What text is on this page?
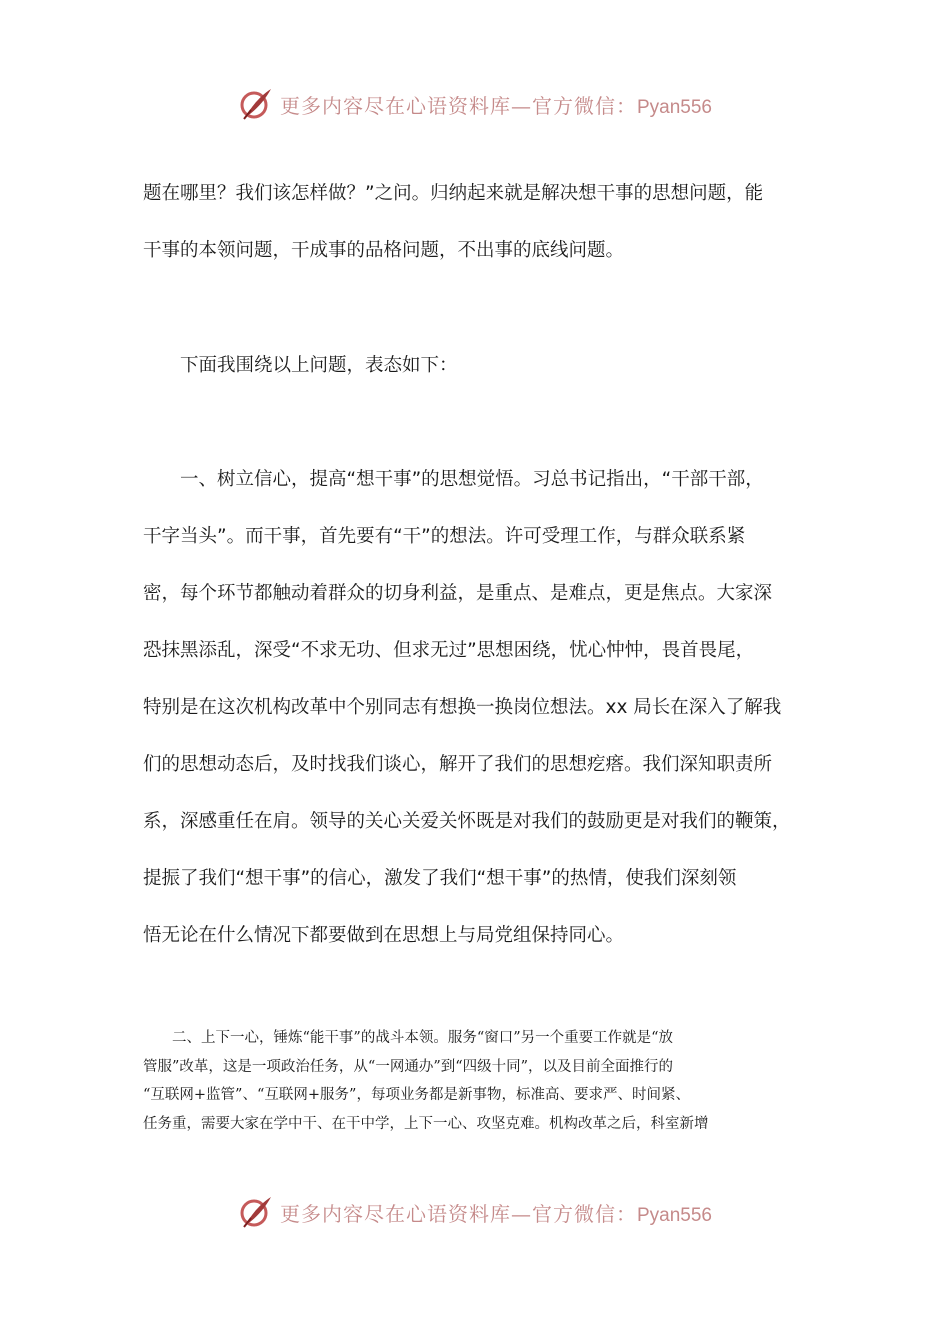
更多内容尽在心语资料库—官方微信：Pyan556
题在哪里？我们该怎样做？”之问。归纳起来就是解决想干事的思想问题，能
干事的本领问题，干成事的品格问题，不出事的底线问题。
　　下面我围绕以上问题，表态如下：
　　一、树立信心，提高“想干事”的思想觉悟。习总书记指出，“干部干部，
干字当头”。而干事，首先要有“干”的想法。许可受理工作，与群众联系紧
密，每个环节都触动着群众的切身利益，是重点、是难点，更是焦点。大家深
恐抹黑添乱，深受“不求无功、但求无过”思想困绕，忧心忡忡，畏首畏尾，
特别是在这次机构改革中个别同志有想换一换岗位想法。xx 局长在深入了解我
们的思想动态后，及时找我们谈心，解开了我们的思想疙瘩。我们深知职责所
系，深感重任在肩。领导的关心关爱关怀既是对我们的鼓励更是对我们的鞭策，
提振了我们“想干事”的信心，激发了我们“想干事”的热情，使我们深刻领
悟无论在什么情况下都要做到在思想上与局党组保持同心。
　　二、上下一心，锤炼“能干事”的战斗本领。服务“窗口”另一个重要工作就是“放
管服”改革，这是一项政治任务，从“一网通办”到“四级十同”，以及目前全面推行的
“互联网+监管”、“互联网+服务”，每项业务都是新事物，标准高、要求严、时间紧、
任务重，需要大家在学中干、在干中学，上下一心、攻坚克难。机构改革之后，科室新增
更多内容尽在心语资料库—官方微信：Pyan556
